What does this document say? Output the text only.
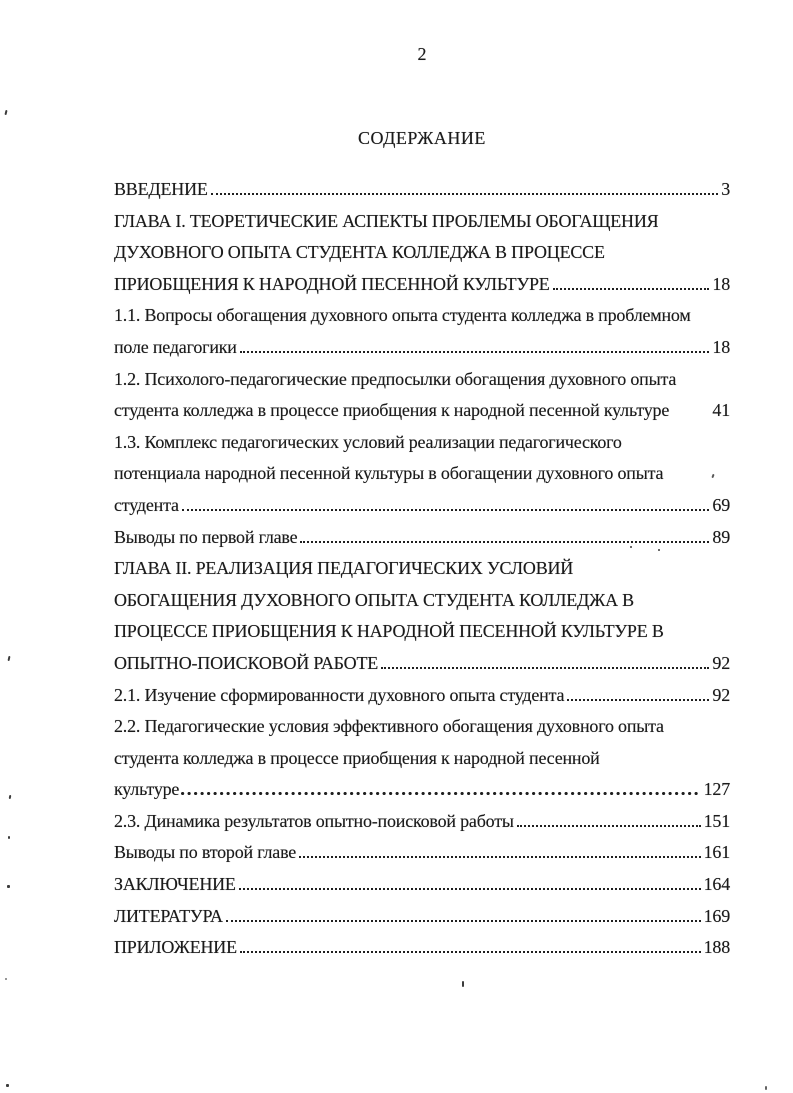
2
СОДЕРЖАНИЕ
ВВЕДЕНИЕ	3
ГЛАВА I. ТЕОРЕТИЧЕСКИЕ АСПЕКТЫ ПРОБЛЕМЫ ОБОГАЩЕНИЯ
ДУХОВНОГО ОПЫТА СТУДЕНТА КОЛЛЕДЖА В ПРОЦЕССЕ
ПРИОБЩЕНИЯ К НАРОДНОЙ ПЕСЕННОЙ КУЛЬТУРЕ	18
1.1. Вопросы обогащения духовного опыта студента колледжа в проблемном
поле педагогики	18
1.2. Психолого-педагогические предпосылки обогащения духовного опыта
студента колледжа в процессе приобщения к народной песенной культуре 41
1.3. Комплекс педагогических условий реализации педагогического
потенциала народной песенной культуры в обогащении духовного опыта
студента	69
Выводы по первой главе	89
ГЛАВА II. РЕАЛИЗАЦИЯ ПЕДАГОГИЧЕСКИХ УСЛОВИЙ
ОБОГАЩЕНИЯ ДУХОВНОГО ОПЫТА СТУДЕНТА КОЛЛЕДЖА В
ПРОЦЕССЕ ПРИОБЩЕНИЯ К НАРОДНОЙ ПЕСЕННОЙ КУЛЬТУРЕ В
ОПЫТНО-ПОИСКОВОЙ РАБОТЕ	92
2.1. Изучение сформированности духовного опыта студента	92
2.2. Педагогические условия эффективного обогащения духовного опыта
студента колледжа в процессе приобщения к народной песенной
культуре	127
2.3. Динамика результатов опытно-поисковой работы	151
Выводы по второй главе	161
ЗАКЛЮЧЕНИЕ	164
ЛИТЕРАТУРА	169
ПРИЛОЖЕНИЕ	188
